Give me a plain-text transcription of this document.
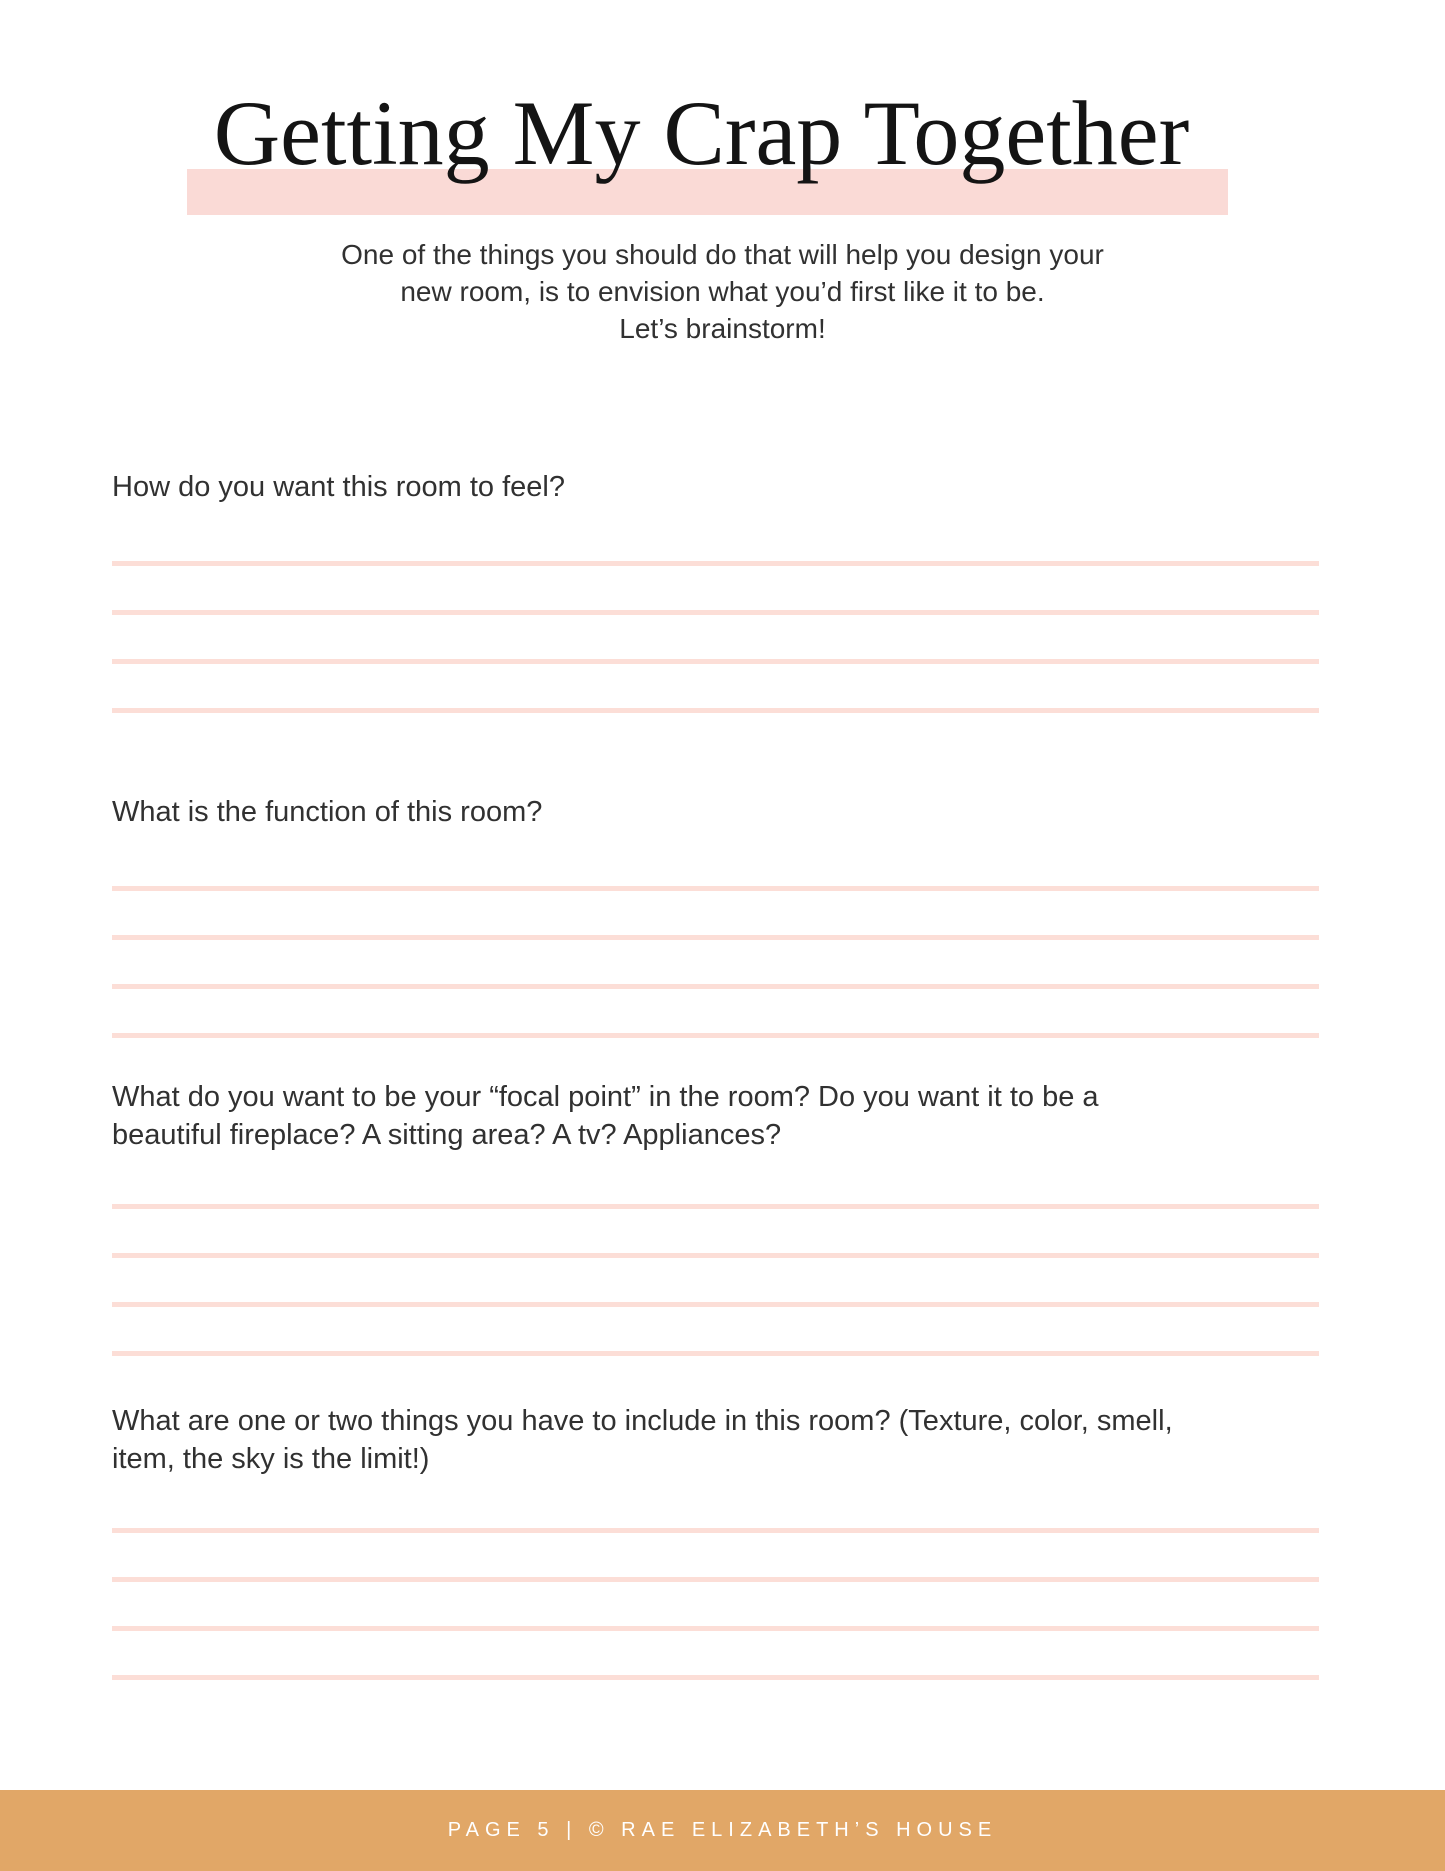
Getting My Crap Together
One of the things you should do that will help you design your
new room, is to envision what you’d first like it to be.
Let’s brainstorm!
How do you want this room to feel?
What is the function of this room?
What do you want to be your “focal point” in the room? Do you want it to be a
beautiful fireplace? A sitting area? A tv? Appliances?
What are one or two things you have to include in this room? (Texture, color, smell,
item, the sky is the limit!)
PAGE 5 | © RAE ELIZABETH’S HOUSE
